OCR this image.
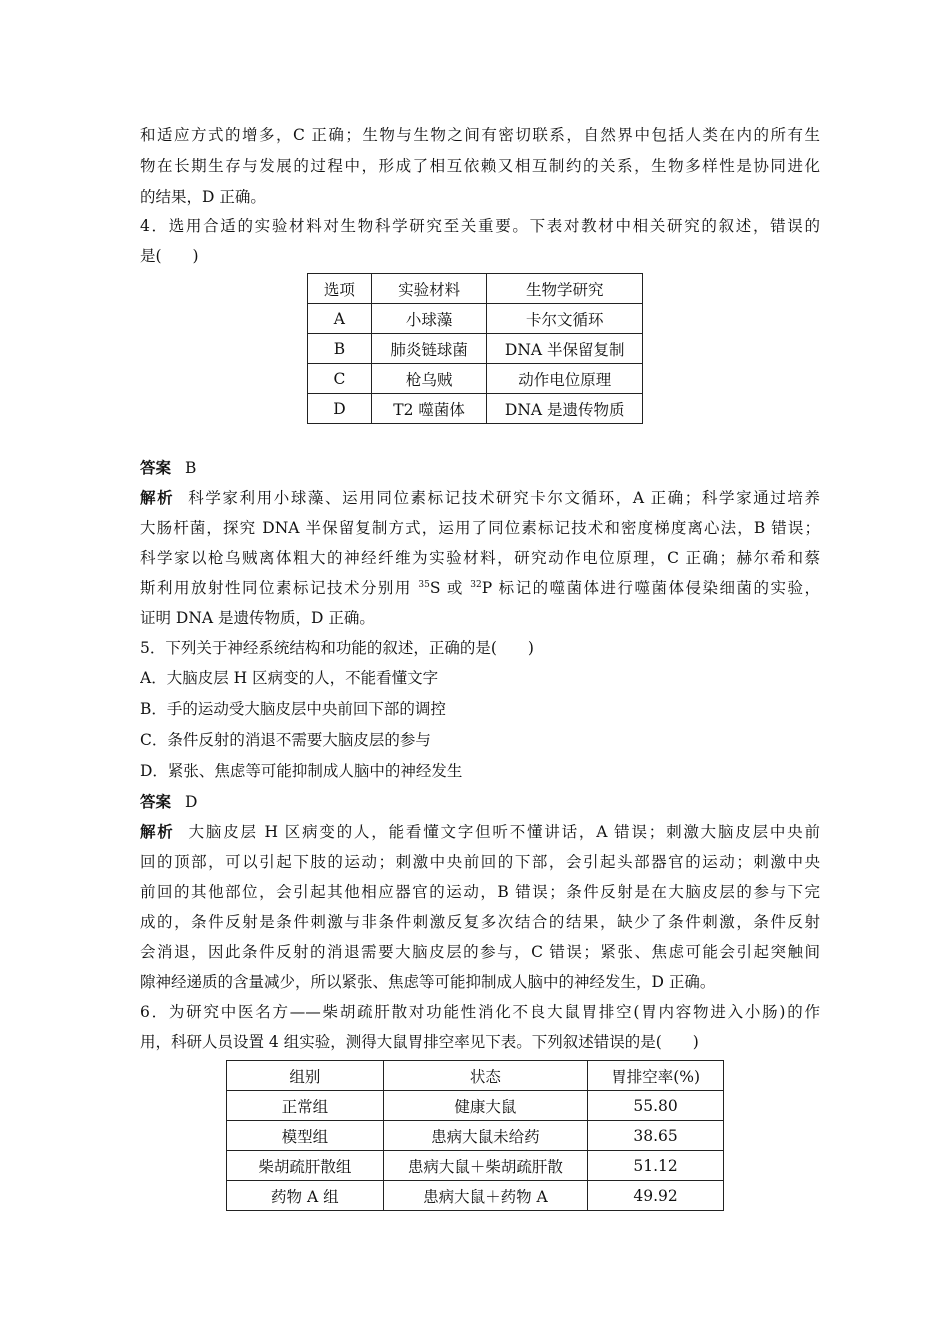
和适应方式的增多，C 正确；生物与生物之间有密切联系，自然界中包括人类在内的所有生
物在长期生存与发展的过程中，形成了相互依赖又相互制约的关系，生物多样性是协同进化
的结果，D 正确。
4．选用合适的实验材料对生物科学研究至关重要。下表对教材中相关研究的叙述，错误的
是(　　)
选项	实验材料	生物学研究
A	小球藻	卡尔文循环
B	肺炎链球菌	DNA 半保留复制
C	枪乌贼	动作电位原理
D	T2 噬菌体	DNA 是遗传物质
答案 B
解析 科学家利用小球藻、运用同位素标记技术研究卡尔文循环，A 正确；科学家通过培养
大肠杆菌，探究 DNA 半保留复制方式，运用了同位素标记技术和密度梯度离心法，B 错误；
科学家以枪乌贼离体粗大的神经纤维为实验材料，研究动作电位原理，C 正确；赫尔希和蔡
斯利用放射性同位素标记技术分别用 $^{35}$S 或 $^{32}$P 标记的噬菌体进行噬菌体侵染细菌的实验，
证明 DNA 是遗传物质，D 正确。
5．下列关于神经系统结构和功能的叙述，正确的是(　　)
A．大脑皮层 H 区病变的人，不能看懂文字
B．手的运动受大脑皮层中央前回下部的调控
C．条件反射的消退不需要大脑皮层的参与
D．紧张、焦虑等可能抑制成人脑中的神经发生
答案 D
解析 大脑皮层 H 区病变的人，能看懂文字但听不懂讲话，A 错误；刺激大脑皮层中央前
回的顶部，可以引起下肢的运动；刺激中央前回的下部，会引起头部器官的运动；刺激中央
前回的其他部位，会引起其他相应器官的运动，B 错误；条件反射是在大脑皮层的参与下完
成的，条件反射是条件刺激与非条件刺激反复多次结合的结果，缺少了条件刺激，条件反射
会消退，因此条件反射的消退需要大脑皮层的参与，C 错误；紧张、焦虑可能会引起突触间
隙神经递质的含量减少，所以紧张、焦虑等可能抑制成人脑中的神经发生，D 正确。
6．为研究中医名方——柴胡疏肝散对功能性消化不良大鼠胃排空(胃内容物进入小肠)的作
用，科研人员设置 4 组实验，测得大鼠胃排空率见下表。下列叙述错误的是(　　)
组别	状态	胃排空率(%)
正常组	健康大鼠	55.80
模型组	患病大鼠未给药	38.65
柴胡疏肝散组	患病大鼠＋柴胡疏肝散	51.12
药物 A 组	患病大鼠＋药物 A	49.92
